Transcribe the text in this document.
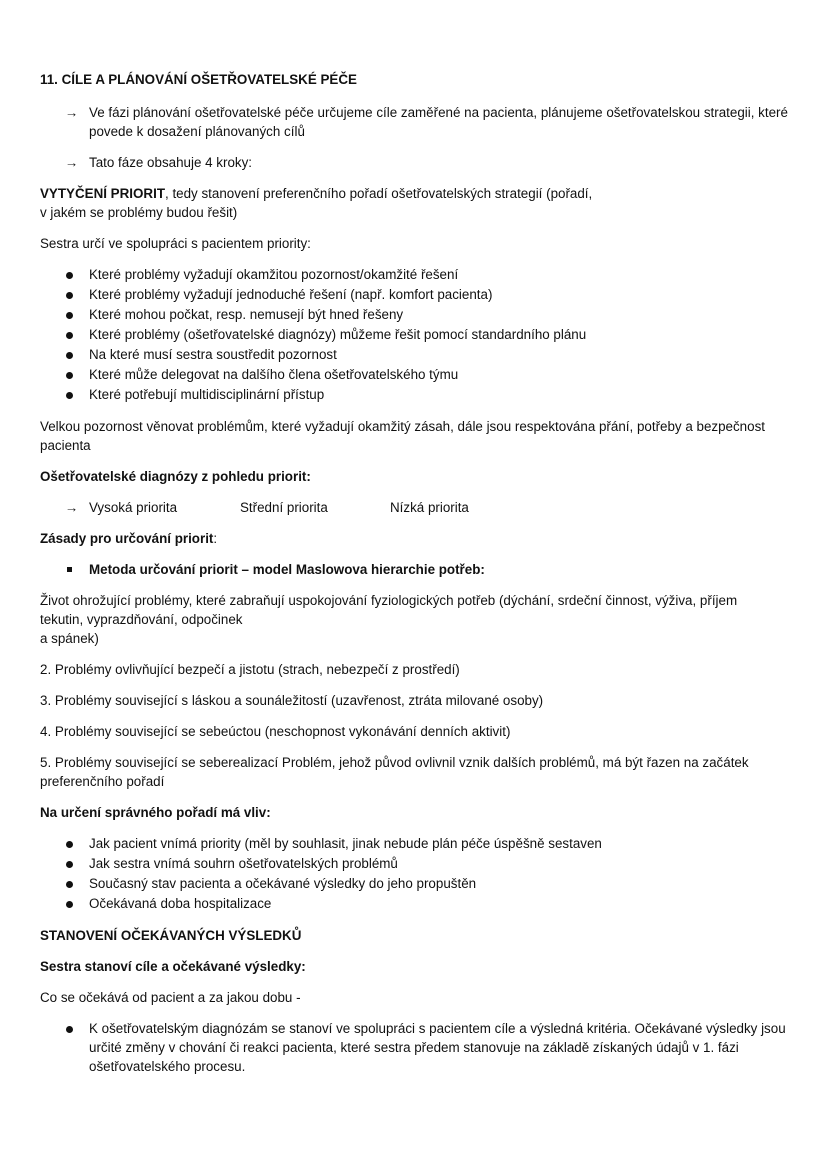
11. CÍLE A PLÁNOVÁNÍ OŠETŘOVATELSKÉ PÉČE
→ Ve fázi plánování ošetřovatelské péče určujeme cíle zaměřené na pacienta, plánujeme ošetřovatelskou strategii, které povede k dosažení plánovaných cílů
→ Tato fáze obsahuje 4 kroky:
VYTYČENÍ PRIORIT, tedy stanovení preferenčního pořadí ošetřovatelských strategií (pořadí,
v jakém se problémy budou řešit)
Sestra určí ve spolupráci s pacientem priority:
Které problémy vyžadují okamžitou pozornost/okamžité řešení
Které problémy vyžadují jednoduché řešení (např. komfort pacienta)
Které mohou počkat, resp. nemusejí být hned řešeny
Které problémy (ošetřovatelské diagnózy) můžeme řešit pomocí standardního plánu
Na které musí sestra soustředit pozornost
Které může delegovat na dalšího člena ošetřovatelského týmu
Které potřebují multidisciplinární přístup
Velkou pozornost věnovat problémům, které vyžadují okamžitý zásah, dále jsou respektována přání, potřeby a bezpečnost pacienta
Ošetřovatelské diagnózy z pohledu priorit:
→ Vysoká priorita	Střední priorita	Nízká priorita
Zásady pro určování priorit:
Metoda určování priorit – model Maslowova hierarchie potřeb:
Život ohrožující problémy, které zabraňují uspokojování fyziologických potřeb (dýchání, srdeční činnost, výživa, příjem
tekutin, vyprazdňování, odpočinek
a spánek)
2. Problémy ovlivňující bezpečí a jistotu (strach, nebezpečí z prostředí)
3. Problémy související s láskou a sounáležitostí (uzavřenost, ztráta milované osoby)
4. Problémy související se sebeúctou (neschopnost vykonávání denních aktivit)
5. Problémy související se seberealizací Problém, jehož původ ovlivnil vznik dalších problémů, má být řazen na začátek preferenčního pořadí
Na určení správného pořadí má vliv:
Jak pacient vnímá priority (měl by souhlasit, jinak nebude plán péče úspěšně sestaven
Jak sestra vnímá souhrn ošetřovatelských problémů
Současný stav pacienta a očekávané výsledky do jeho propuštěn
Očekávaná doba hospitalizace
STANOVENÍ OČEKÁVANÝCH VÝSLEDKŮ
Sestra stanoví cíle a očekávané výsledky:
Co se očekává od pacient a za jakou dobu -
K ošetřovatelským diagnózám se stanoví ve spolupráci s pacientem cíle a výsledná kritéria. Očekávané výsledky jsou určité změny v chování či reakci pacienta, které sestra předem stanovuje na základě získaných údajů v 1. fázi ošetřovatelského procesu.
